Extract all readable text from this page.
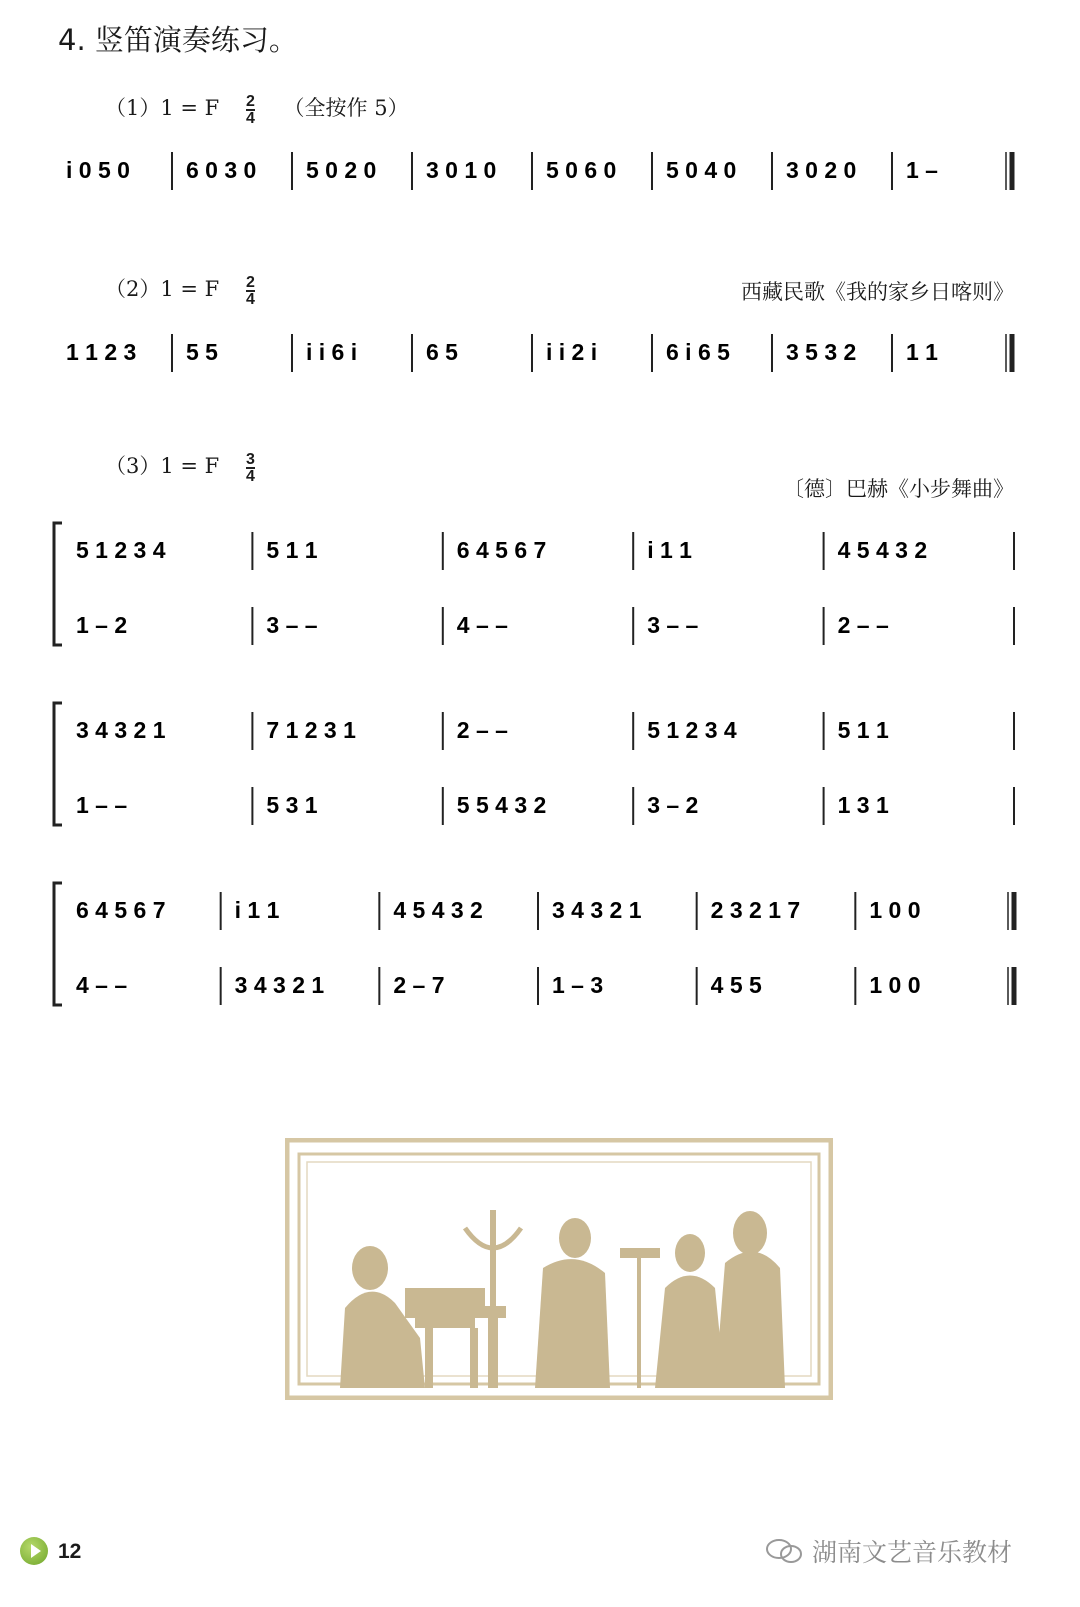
4. 竖笛演奏练习。
（1）1 = F $\frac{2}{4}$ （全按作 5）
i 0 5 0 6 0 3 0 5 0 2 0 3 0 1 0 5 0 6 0 5 0 4 0 3 0 2 0 1 –
（2）1 = F $\frac{2}{4}$	西藏民歌《我的家乡日喀则》
1 1 2 3 5 5	i i 6 i	6 5	i i 2 i	6 i 6 5 3 5 3 2 1 1
（3）1 = F $\frac{3}{4}$
〔德〕巴赫《小步舞曲》
5 1 2 3 4	5 1 1	6 4 5 6 7	i 1 1	4 5 4 3 2
1 – 2	3 – –	4 – –	3 – –	2 – –
3 4 3 2 1	7 1 2 3 1	2 – –	5 1 2 3 4	5 1 1
1 – –	5 3 1	5 5 4 3 2	3 – 2	1 3 1
6 4 5 6 7	i 1 1	4 5 4 3 2	3 4 3 2 1	2 3 2 1 7	1 0 0
4 – –	3 4 3 2 1	2 – 7	1 – 3	4 5 5	1 0 0
12	湖南文艺音乐教材
